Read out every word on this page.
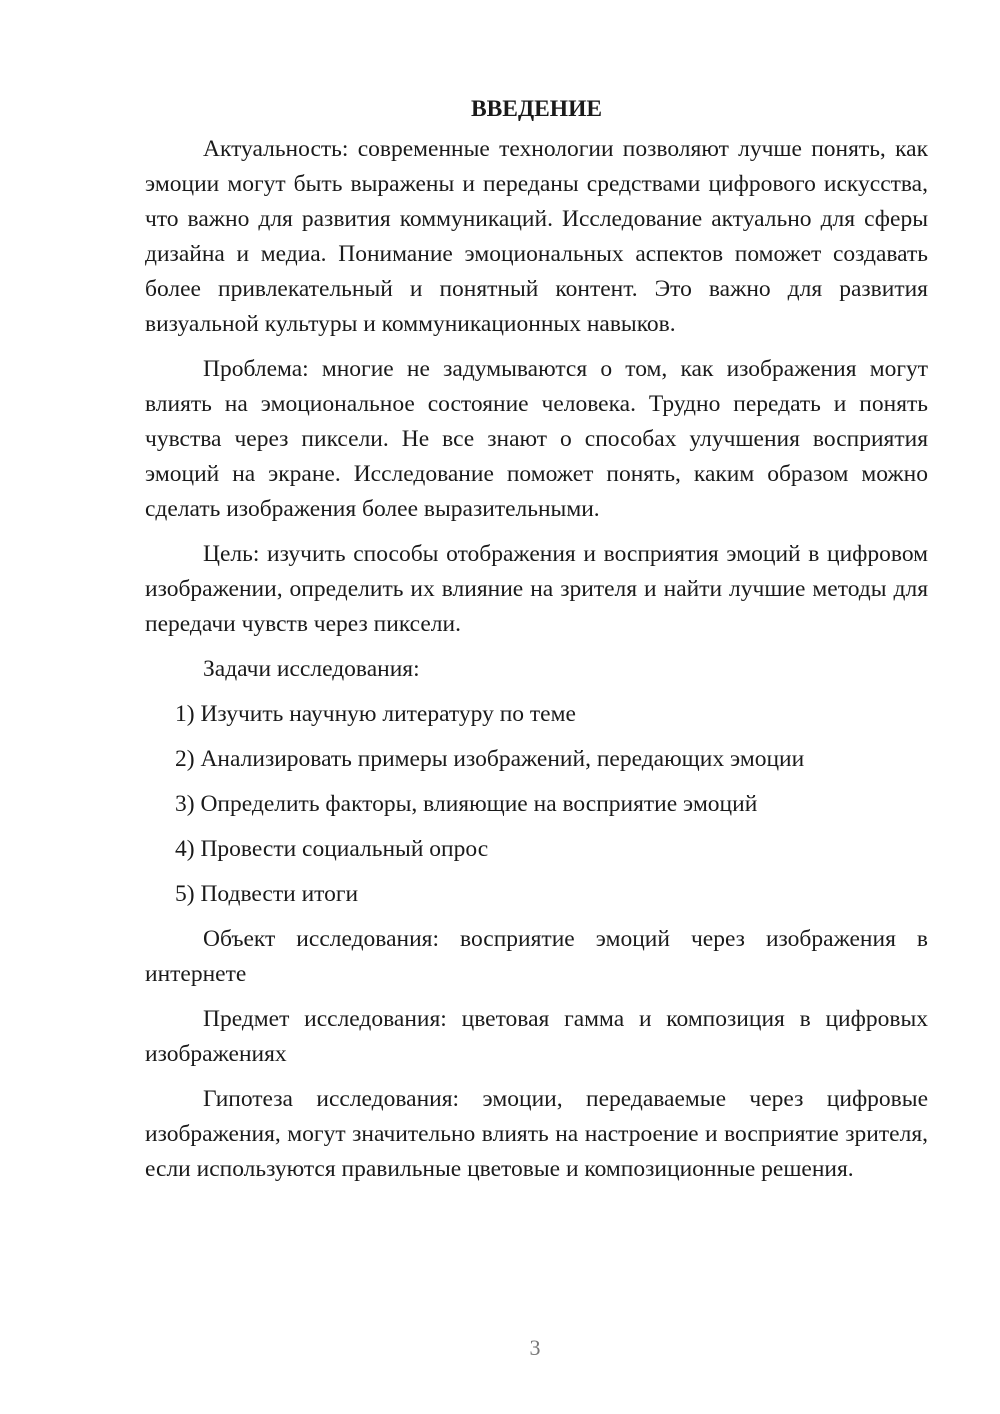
ВВЕДЕНИЕ

Актуальность: современные технологии позволяют лучше понять, как эмоции могут быть выражены и переданы средствами цифрового искусства, что важно для развития коммуникаций. Исследование актуально для сферы дизайна и медиа. Понимание эмоциональных аспектов поможет создавать более привлекательный и понятный контент. Это важно для развития визуальной культуры и коммуникационных навыков.

Проблема: многие не задумываются о том, как изображения могут влиять на эмоциональное состояние человека. Трудно передать и понять чувства через пиксели. Не все знают о способах улучшения восприятия эмоций на экране. Исследование поможет понять, каким образом можно сделать изображения более выразительными.

Цель: изучить способы отображения и восприятия эмоций в цифровом изображении, определить их влияние на зрителя и найти лучшие методы для передачи чувств через пиксели.

Задачи исследования:

1) Изучить научную литературу по теме
2) Анализировать примеры изображений, передающих эмоции
3) Определить факторы, влияющие на восприятие эмоций
4) Провести социальный опрос
5) Подвести итоги

Объект исследования: восприятие эмоций через изображения в интернете

Предмет исследования: цветовая гамма и композиция в цифровых изображениях

Гипотеза исследования: эмоции, передаваемые через цифровые изображения, могут значительно влиять на настроение и восприятие зрителя, если используются правильные цветовые и композиционные решения.

3
